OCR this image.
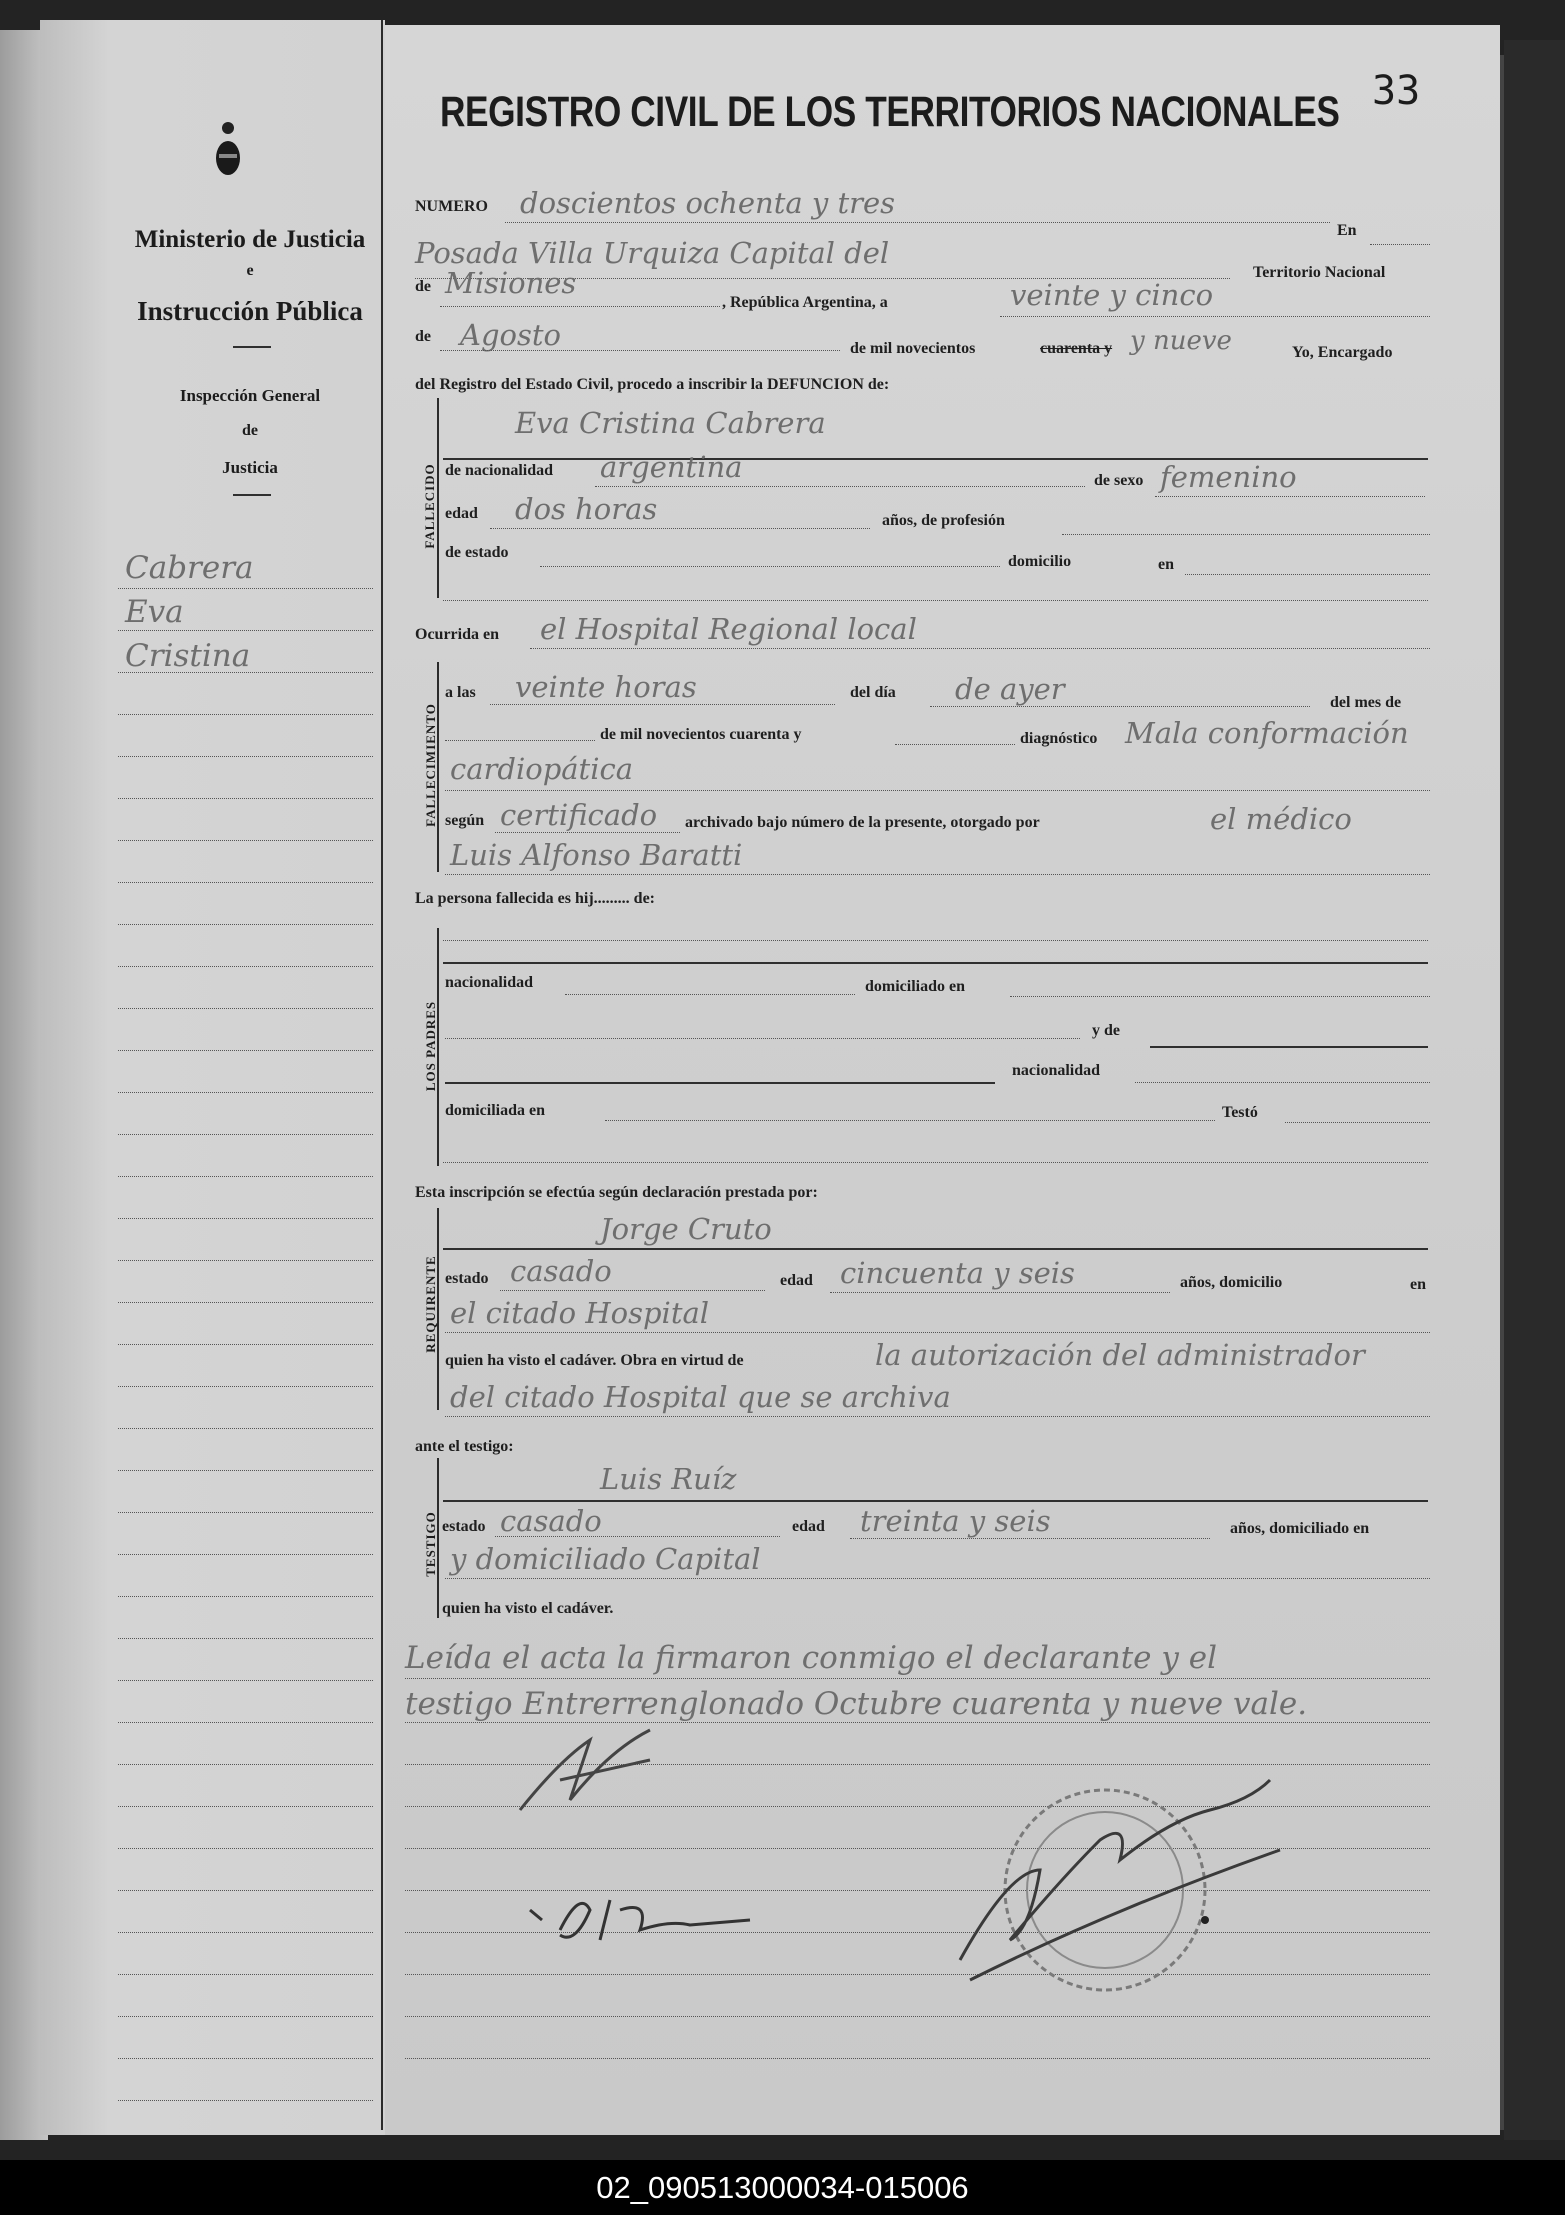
Ministerio de Justicia
e
Instrucción Pública
Inspección General
de
Justicia
Cabrera
Eva
Cristina
REGISTRO CIVIL DE LOS TERRITORIOS NACIONALES 33
NUMERO doscientos ochenta y tres
En
Posada Villa Urquiza Capital del
Territorio Nacional
de Misiones
, República Argentina, a	veinte y cinco
de Agosto	de mil novecientos	cuarenta y y nueve	Yo, Encargado
del Registro del Estado Civil, procedo a inscribir la DEFUNCION de:
FALLECIDO
Eva Cristina Cabrera
de nacionalidad argentina	de sexo femenino
edad dos horas	años, de profesión
de estado
domicilio	en
Ocurrida en el Hospital Regional local
FALLECIMIENTO
a las veinte horas	del día de ayer	del mes de
de mil novecientos cuarenta y	diagnóstico Mala conformación
cardiopática
según certificado archivado bajo número de la presente, otorgado por	el médico
Luis Alfonso Baratti
La persona fallecida es hij......... de:
LOS PADRES
nacionalidad	domiciliado en
y de
nacionalidad
domiciliada en	Testó
Esta inscripción se efectúa según declaración prestada por:
REQUIRENTE
Jorge Cruto
estado casado	edad cincuenta y seis	años, domicilio	en
el citado Hospital
quien ha visto el cadáver. Obra en virtud de	la autorización del administrador
del citado Hospital que se archiva
ante el testigo:
TESTIGO
Luis Ruíz
estado casado	edad treinta y seis	años, domiciliado en
y domiciliado Capital
quien ha visto el cadáver.
Leída el acta la firmaron conmigo el declarante y el
testigo Entrerrenglonado Octubre cuarenta y nueve vale.
02_090513000034-015006
